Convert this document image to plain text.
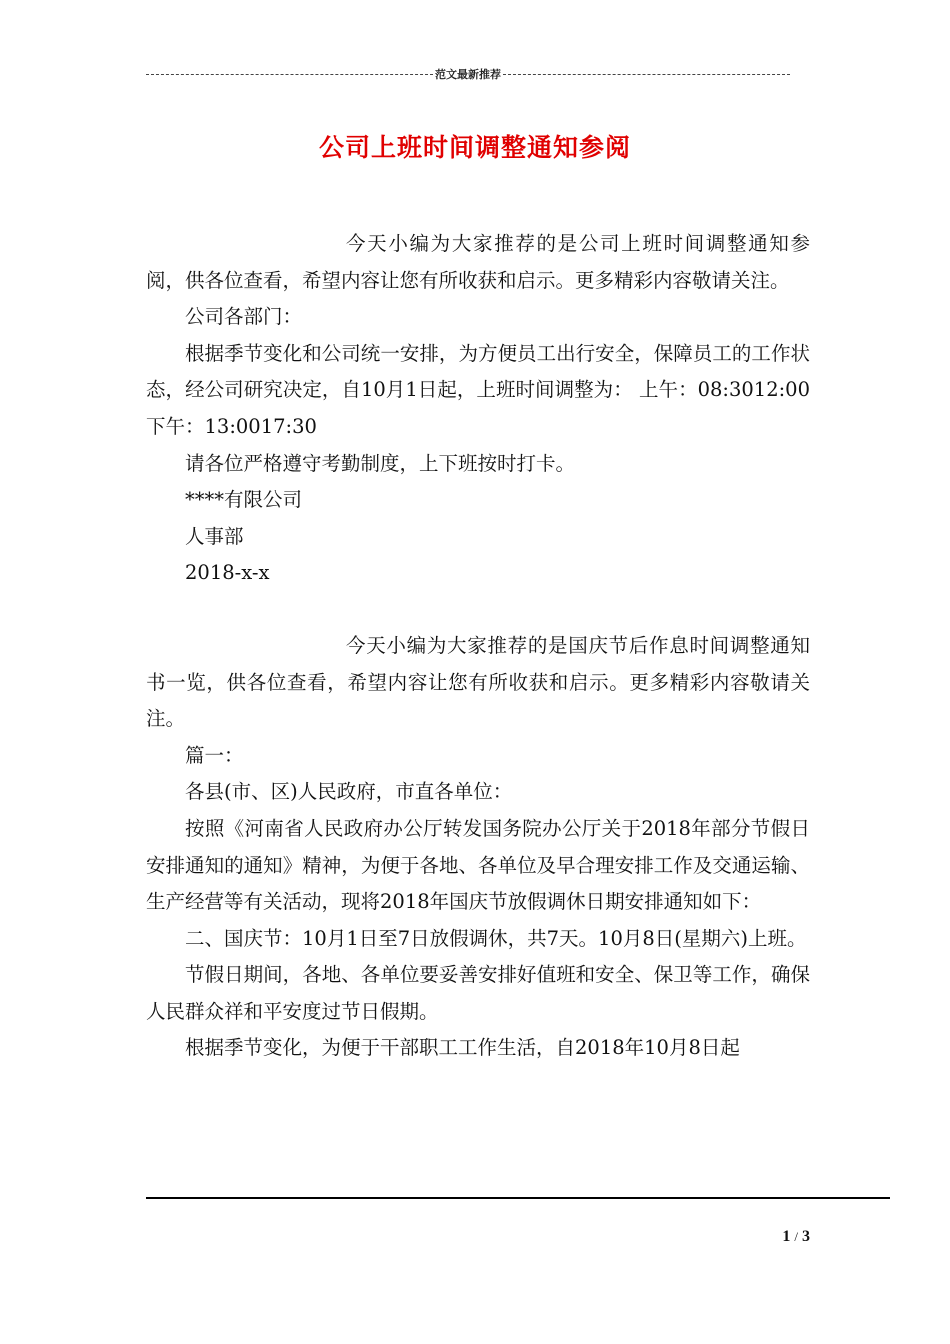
范文最新推荐
公司上班时间调整通知参阅

今天小编为大家推荐的是公司上班时间调整通知参阅，供各位查看，希望内容让您有所收获和启示。更多精彩内容敬请关注。

公司各部门：

根据季节变化和公司统一安排，为方便员工出行安全，保障员工的工作状态，经公司研究决定，自10月1日起，上班时间调整为： 上午：08:3012:00 下午：13:0017:30

请各位严格遵守考勤制度，上下班按时打卡。

****有限公司

人事部

2018-x-x

今天小编为大家推荐的是国庆节后作息时间调整通知书一览，供各位查看，希望内容让您有所收获和启示。更多精彩内容敬请关注。

篇一：

各县(市、区)人民政府，市直各单位：

按照《河南省人民政府办公厅转发国务院办公厅关于2018年部分节假日安排通知的通知》精神，为便于各地、各单位及早合理安排工作及交通运输、生产经营等有关活动，现将2018年国庆节放假调休日期安排通知如下：

二、国庆节：10月1日至7日放假调休，共7天。10月8日(星期六)上班。

节假日期间，各地、各单位要妥善安排好值班和安全、保卫等工作，确保人民群众祥和平安度过节日假期。

根据季节变化，为便于干部职工工作生活，自2018年10月8日起

1 / 3
